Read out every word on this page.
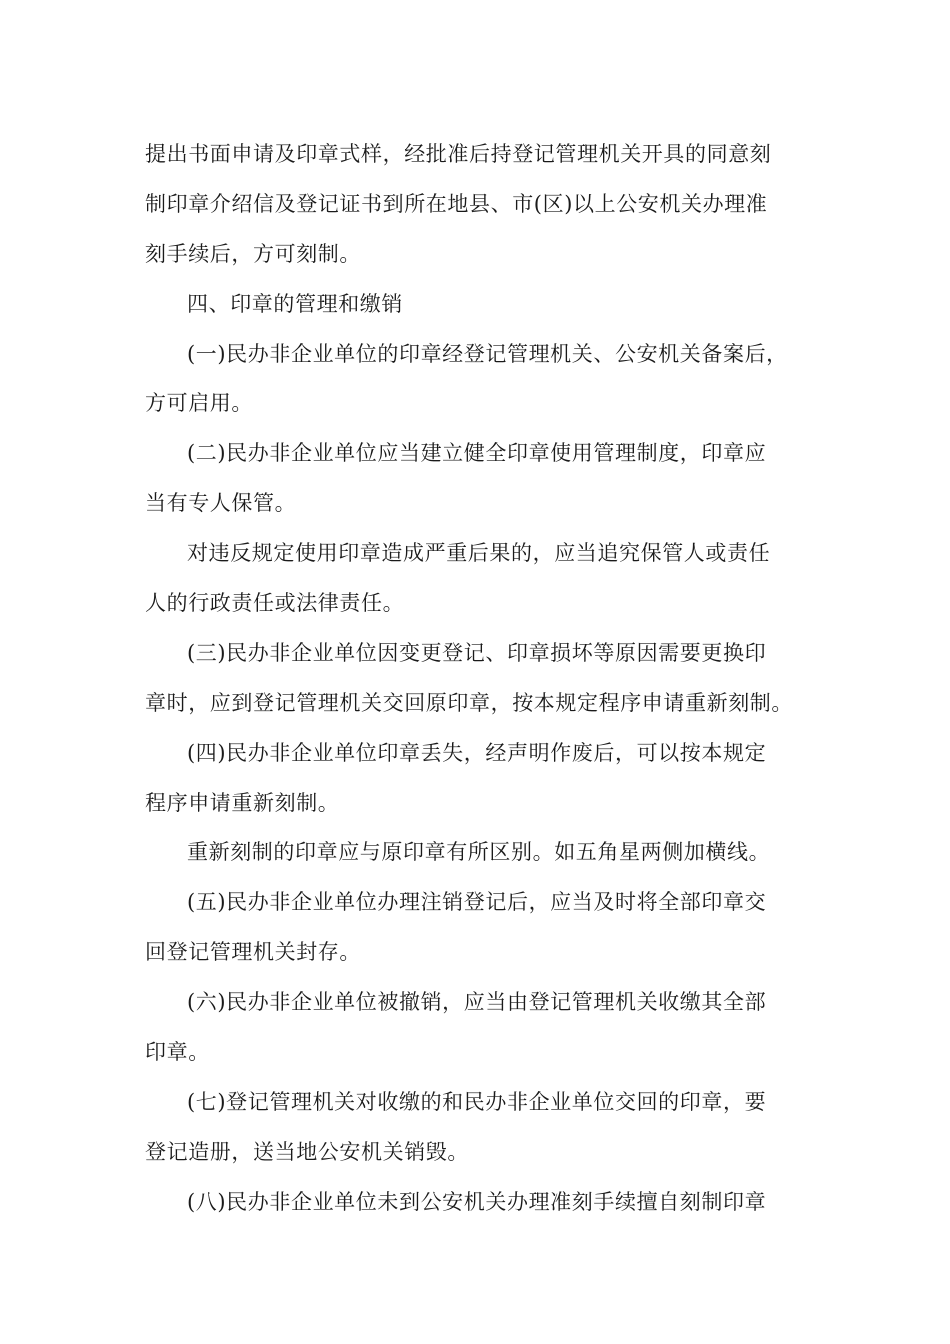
提出书面申请及印章式样，经批准后持登记管理机关开具的同意刻
制印章介绍信及登记证书到所在地县、市(区)以上公安机关办理准
刻手续后，方可刻制。
四、印章的管理和缴销
(一)民办非企业单位的印章经登记管理机关、公安机关备案后，
方可启用。
(二)民办非企业单位应当建立健全印章使用管理制度，印章应
当有专人保管。
对违反规定使用印章造成严重后果的，应当追究保管人或责任
人的行政责任或法律责任。
(三)民办非企业单位因变更登记、印章损坏等原因需要更换印
章时，应到登记管理机关交回原印章，按本规定程序申请重新刻制。
(四)民办非企业单位印章丢失，经声明作废后，可以按本规定
程序申请重新刻制。
重新刻制的印章应与原印章有所区别。如五角星两侧加横线。
(五)民办非企业单位办理注销登记后，应当及时将全部印章交
回登记管理机关封存。
(六)民办非企业单位被撤销，应当由登记管理机关收缴其全部
印章。
(七)登记管理机关对收缴的和民办非企业单位交回的印章，要
登记造册，送当地公安机关销毁。
(八)民办非企业单位未到公安机关办理准刻手续擅自刻制印章
